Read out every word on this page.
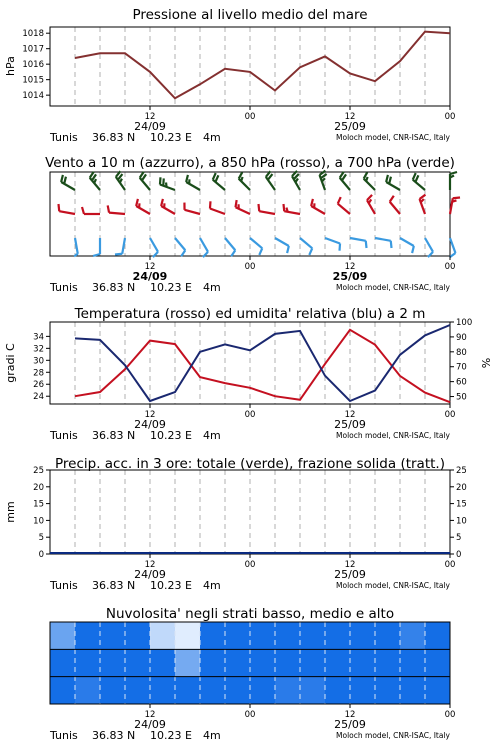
Pressione al livello medio del mare
1014
1015
1016
1017
1018
hPa
12	00	12	00
24/09	25/09
Tunis 36.83 N 10.23 E 4m	Moloch model, CNR-ISAC, Italy
Vento a 10 m (azzurro), a 850 hPa (rosso), a 700 hPa (verde)
12	00	12	00
24/09	25/09
Tunis 36.83 N 10.23 E 4m	Moloch model, CNR-ISAC, Italy
Temperatura (rosso) ed umidita' relativa (blu) a 2 m
24
26
28
30
32
34
50
60
70
80
90
100
gradi C	%
12	00	12	00
24/09	25/09
Tunis 36.83 N 10.23 E 4m	Moloch model, CNR-ISAC, Italy
Precip. acc. in 3 ore: totale (verde), frazione solida (tratt.)
0
5
10
15
20
25
0
5
10
15
20
25
mm
12	00	12	00
24/09	25/09
Tunis 36.83 N 10.23 E 4m	Moloch model, CNR-ISAC, Italy
Nuvolosita' negli strati basso, medio e alto
12	00	12	00
24/09	25/09
Tunis 36.83 N 10.23 E 4m	Moloch model, CNR-ISAC, Italy
